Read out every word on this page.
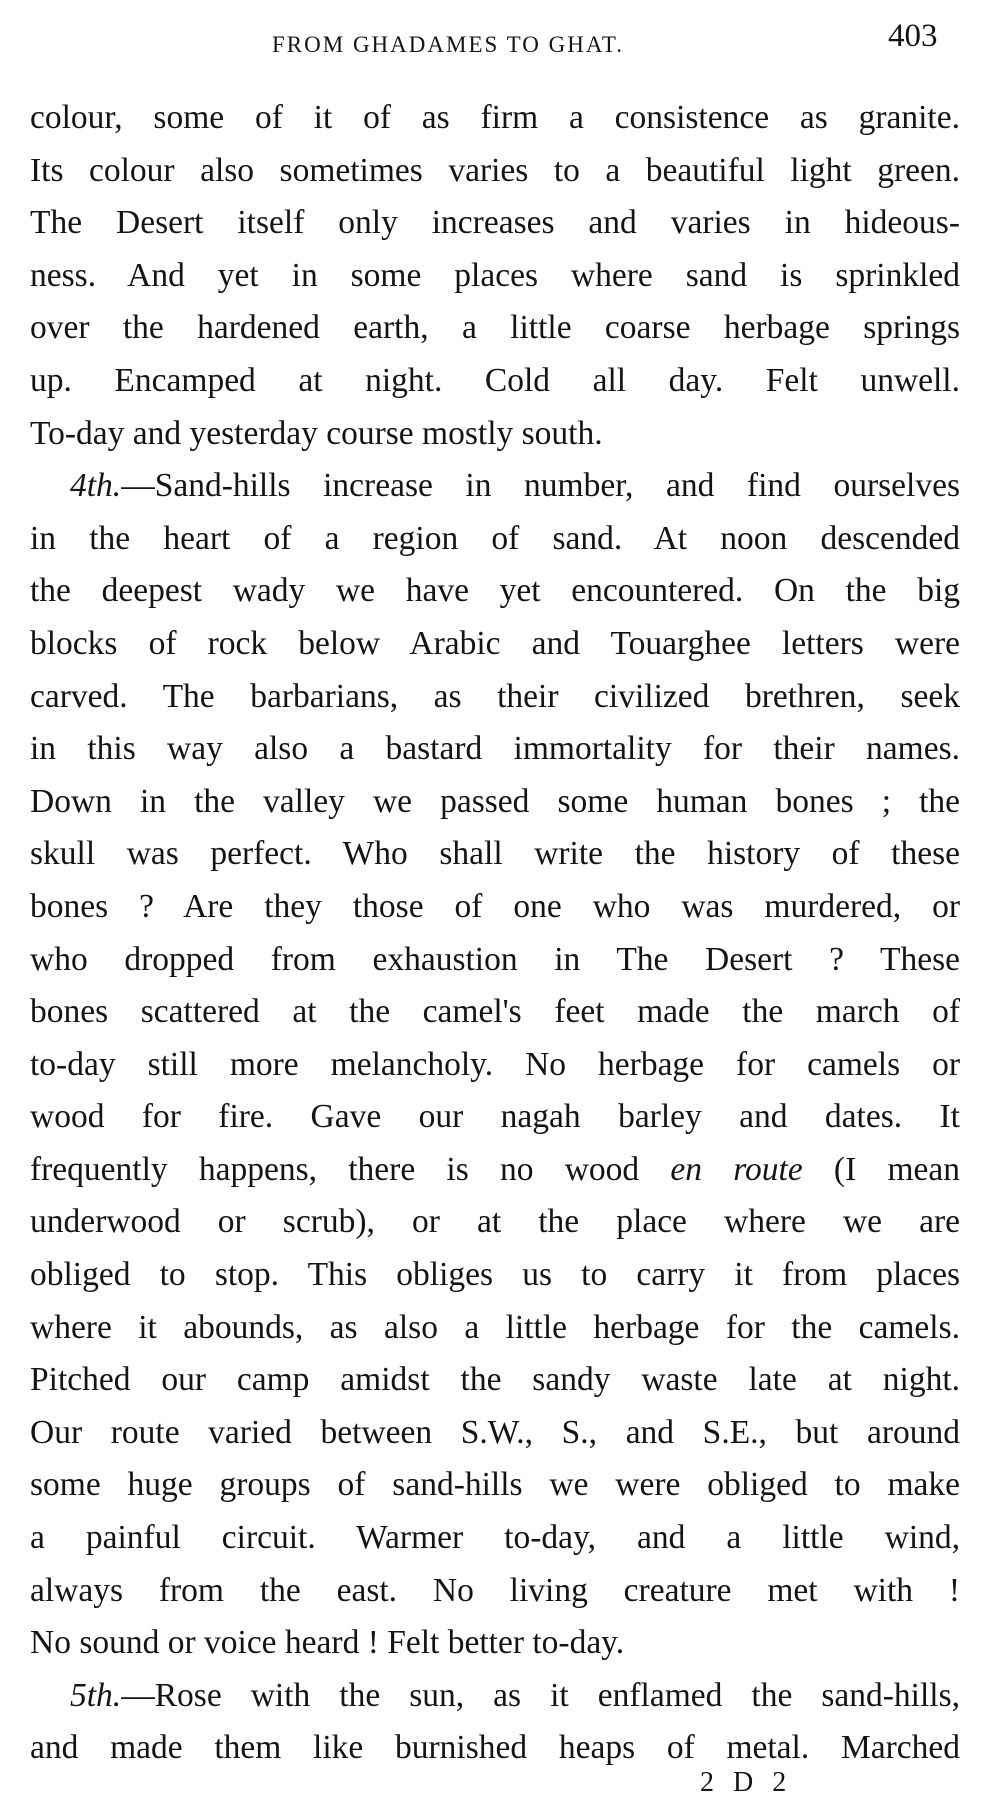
FROM GHADAMES TO GHAT.	403
colour, some of it of as firm a consistence as granite.
Its colour also sometimes varies to a beautiful light green.
The Desert itself only increases and varies in hideous-
ness. And yet in some places where sand is sprinkled
over the hardened earth, a little coarse herbage springs
up. Encamped at night. Cold all day. Felt unwell.
To-day and yesterday course mostly south.
4th.—Sand-hills increase in number, and find ourselves
in the heart of a region of sand. At noon descended
the deepest wady we have yet encountered. On the big
blocks of rock below Arabic and Touarghee letters were
carved. The barbarians, as their civilized brethren, seek
in this way also a bastard immortality for their names.
Down in the valley we passed some human bones ; the
skull was perfect. Who shall write the history of these
bones ? Are they those of one who was murdered, or
who dropped from exhaustion in The Desert ? These
bones scattered at the camel's feet made the march of
to-day still more melancholy. No herbage for camels or
wood for fire. Gave our nagah barley and dates. It
frequently happens, there is no wood en route (I mean
underwood or scrub), or at the place where we are
obliged to stop. This obliges us to carry it from places
where it abounds, as also a little herbage for the camels.
Pitched our camp amidst the sandy waste late at night.
Our route varied between S.W., S., and S.E., but around
some huge groups of sand-hills we were obliged to make
a painful circuit. Warmer to-day, and a little wind,
always from the east. No living creature met with !
No sound or voice heard ! Felt better to-day.
5th.—Rose with the sun, as it enflamed the sand-hills,
and made them like burnished heaps of metal. Marched
2 D 2
